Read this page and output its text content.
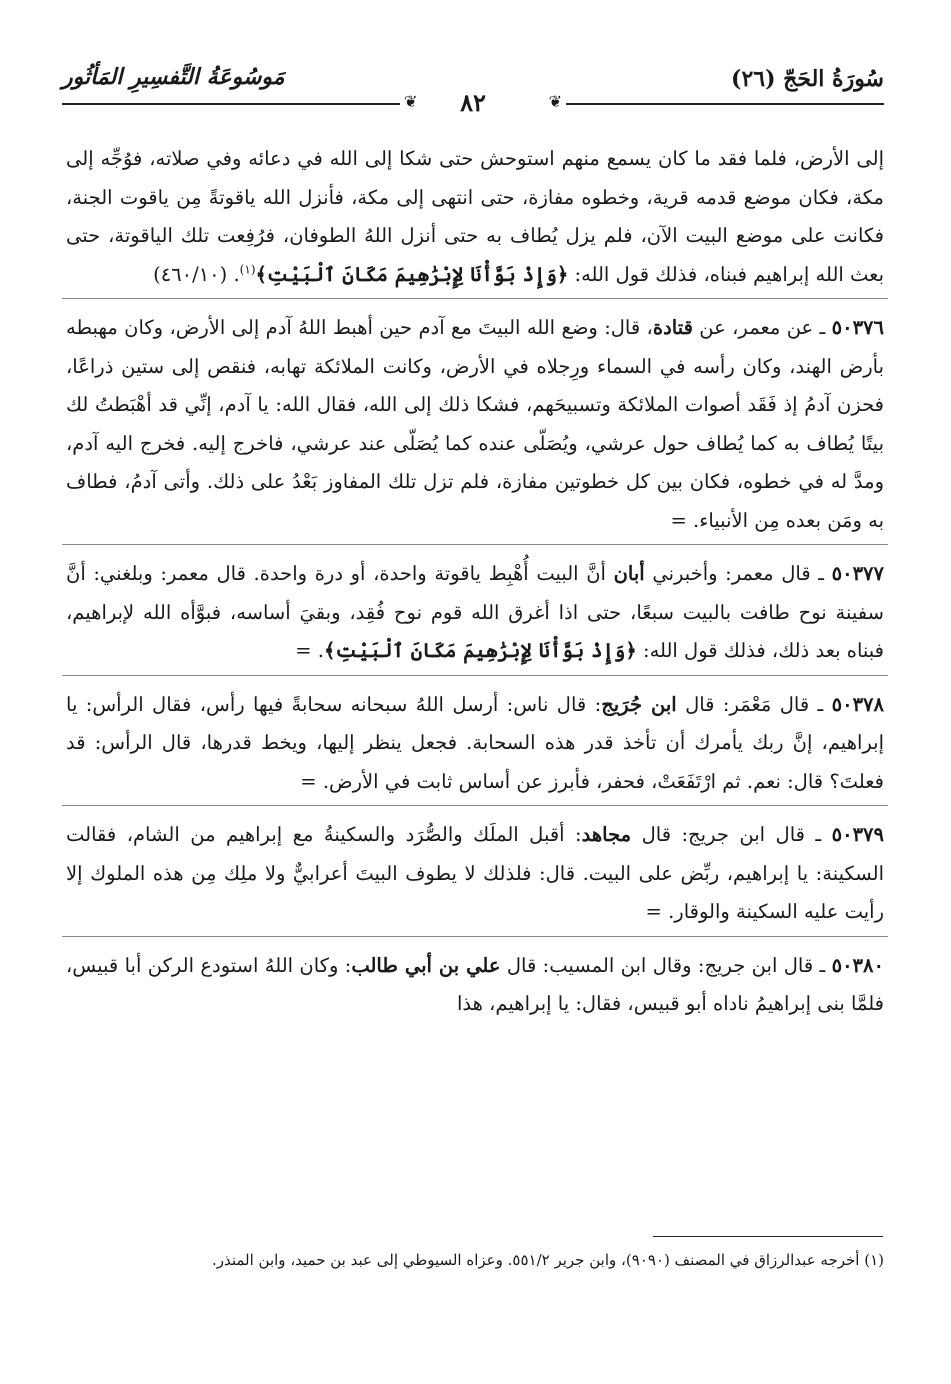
سُورَةُ الحَجّ (٢٦)
❦
٨٢
❦
مَوسُوعَةُ التَّفسِيرِ المَأثُور

إلى الأرض، فلما فقد ما كان يسمع منهم استوحش حتى شكا إلى الله في دعائه وفي صلاته، فوُجِّه إلى مكة، فكان موضع قدمه قرية، وخطوه مفازة، حتى انتهى إلى مكة، فأنزل الله ياقوتةً مِن ياقوت الجنة، فكانت على موضع البيت الآن، فلم يزل يُطاف به حتى أنزل اللهُ الطوفان، فرُفِعت تلك الياقوتة، حتى بعث الله إبراهيم فبناه، فذلك قول الله: ﴿وَإِذْ بَوَّأْنَا لِإِبْرَٰهِيمَ مَكَانَ ٱلْبَيْتِ﴾$^{(١)}$. (٤٦٠/١٠)

٥٠٣٧٦ ـ عن معمر، عن قتادة، قال: وضع الله البيتَ مع آدم حين أهبط اللهُ آدم إلى الأرض، وكان مهبطه بأرض الهند، وكان رأسه في السماء ورِجلاه في الأرض، وكانت الملائكة تهابه، فنقص إلى ستين ذراعًا، فحزن آدمُ إذ فَقَد أصوات الملائكة وتسبيحَهم، فشكا ذلك إلى الله، فقال الله: يا آدم، إنِّي قد أهْبَطتُ لك بيتًا يُطاف به كما يُطاف حول عرشي، ويُصَلّى عنده كما يُصَلّى عند عرشي، فاخرج إليه. فخرج اليه آدم، ومدَّ له في خطوه، فكان بين كل خطوتين مفازة، فلم تزل تلك المفاوز بَعْدُ على ذلك. وأتى آدمُ، فطاف به ومَن بعده مِن الأنبياء. =

٥٠٣٧٧ ـ قال معمر: وأخبرني أبان أنَّ البيت أُهْبِط ياقوتة واحدة، أو درة واحدة. قال معمر: وبلغني: أنَّ سفينة نوح طافت بالبيت سبعًا، حتى اذا أغرق الله قوم نوح فُقِد، وبقيَ أساسه، فبوَّأه الله لإبراهيم، فبناه بعد ذلك، فذلك قول الله: ﴿وَإِذْ بَوَّأْنَا لِإِبْرَٰهِيمَ مَكَانَ ٱلْبَيْتِ﴾. =

٥٠٣٧٨ ـ قال مَعْمَر: قال ابن جُرَيج: قال ناس: أرسل اللهُ سبحانه سحابةً فيها رأس، فقال الرأس: يا إبراهيم، إنَّ ربك يأمرك أن تأخذ قدر هذه السحابة. فجعل ينظر إليها، ويخط قدرها، قال الرأس: قد فعلتَ؟ قال: نعم. ثم ارْتَفَعَتْ، فحفر، فأبرز عن أساس ثابت في الأرض. =

٥٠٣٧٩ ـ قال ابن جريج: قال مجاهد: أقبل الملَك والصُّرَد والسكينةُ مع إبراهيم من الشام، فقالت السكينة: يا إبراهيم، ربِّض على البيت. قال: فلذلك لا يطوف البيتَ أعرابيٌّ ولا ملِك مِن هذه الملوك إلا رأيت عليه السكينة والوقار. =

٥٠٣٨٠ ـ قال ابن جريج: وقال ابن المسيب: قال علي بن أبي طالب: وكان اللهُ استودع الركن أبا قبيس، فلمَّا بنى إبراهيمُ ناداه أبو قبيس، فقال: يا إبراهيم، هذا

(١) أخرجه عبدالرزاق في المصنف (٩٠٩٠)، وابن جرير ٥٥١/٢. وعزاه السيوطي إلى عبد بن حميد، وابن المنذر.
